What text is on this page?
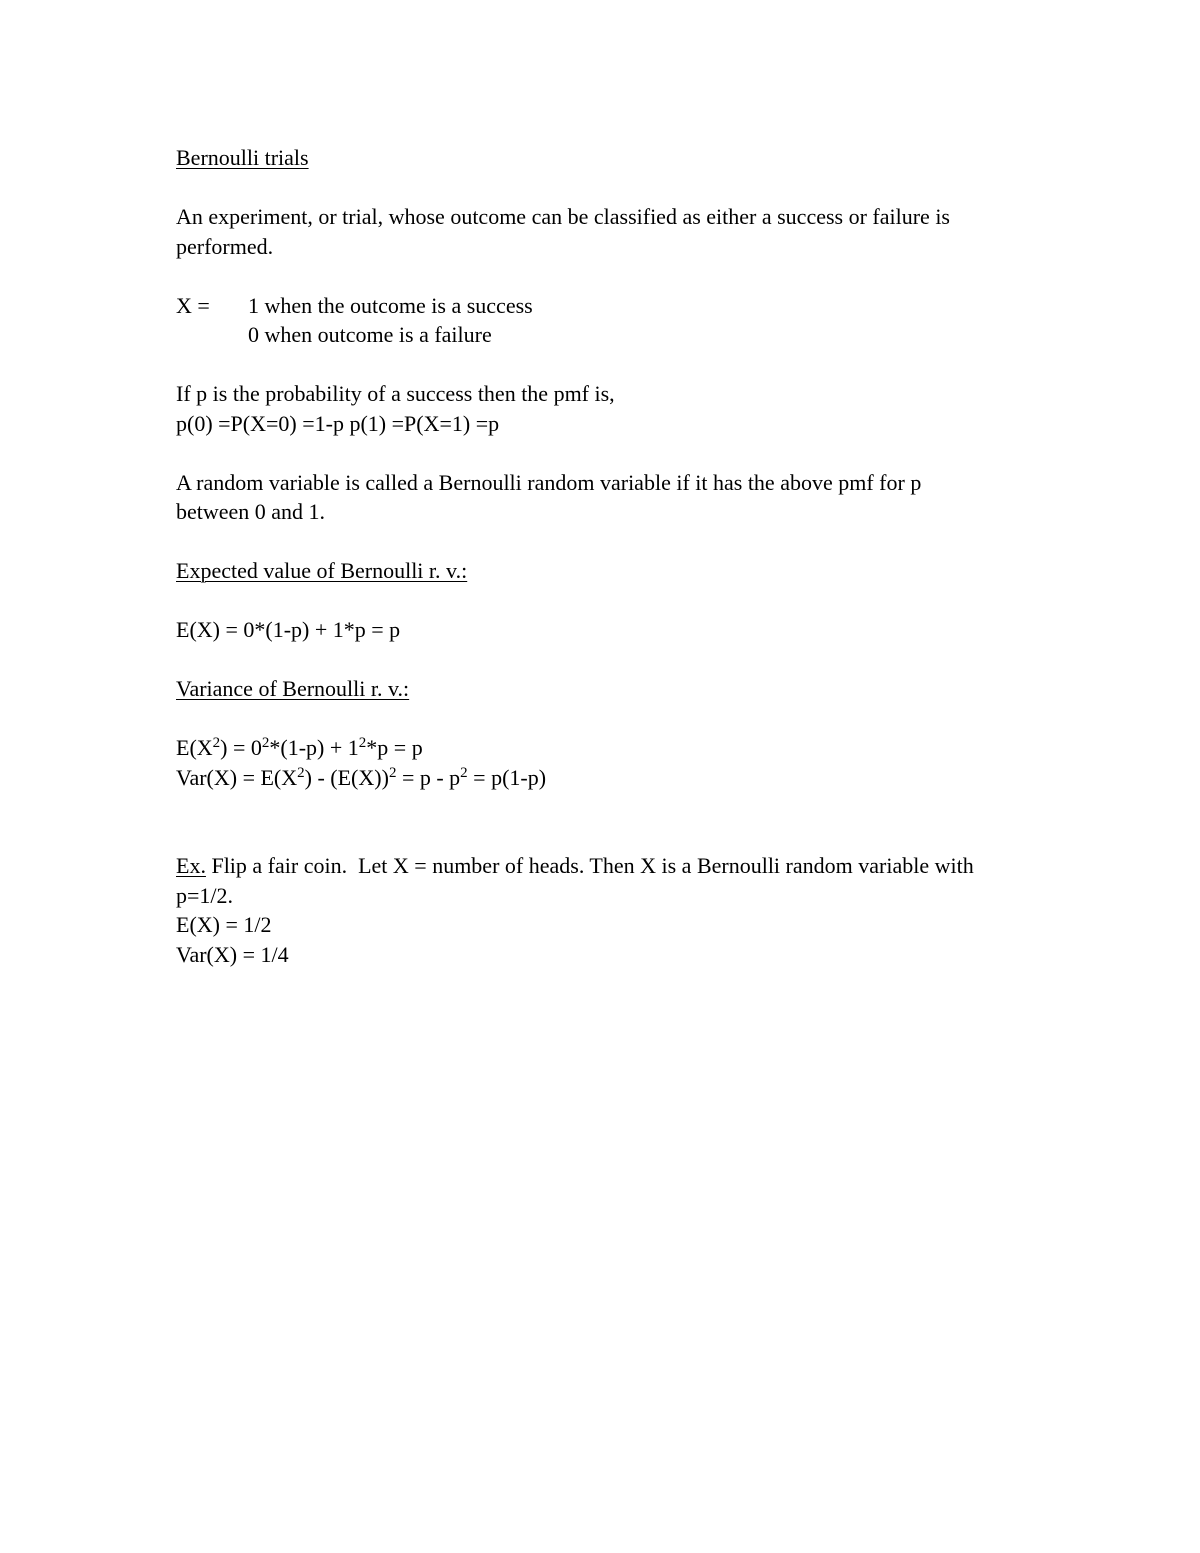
Bernoulli trials
An experiment, or trial, whose outcome can be classified as either a success or failure is
performed.
X = 1 when the outcome is a success
0 when outcome is a failure
If p is the probability of a success then the pmf is,
p(0) =P(X=0) =1-p p(1) =P(X=1) =p
A random variable is called a Bernoulli random variable if it has the above pmf for p
between 0 and 1.
Expected value of Bernoulli r. v.:
E(X) = 0*(1-p) + 1*p = p
Variance of Bernoulli r. v.:
$E(X^2) = 0^2*(1-p) + 1^2*p = p$
$Var(X) = E(X^2) - (E(X))^2 = p - p^2 = p(1-p)$
Ex. Flip a fair coin.  Let X = number of heads. Then X is a Bernoulli random variable with
p=1/2.
E(X) = 1/2
Var(X) = 1/4
